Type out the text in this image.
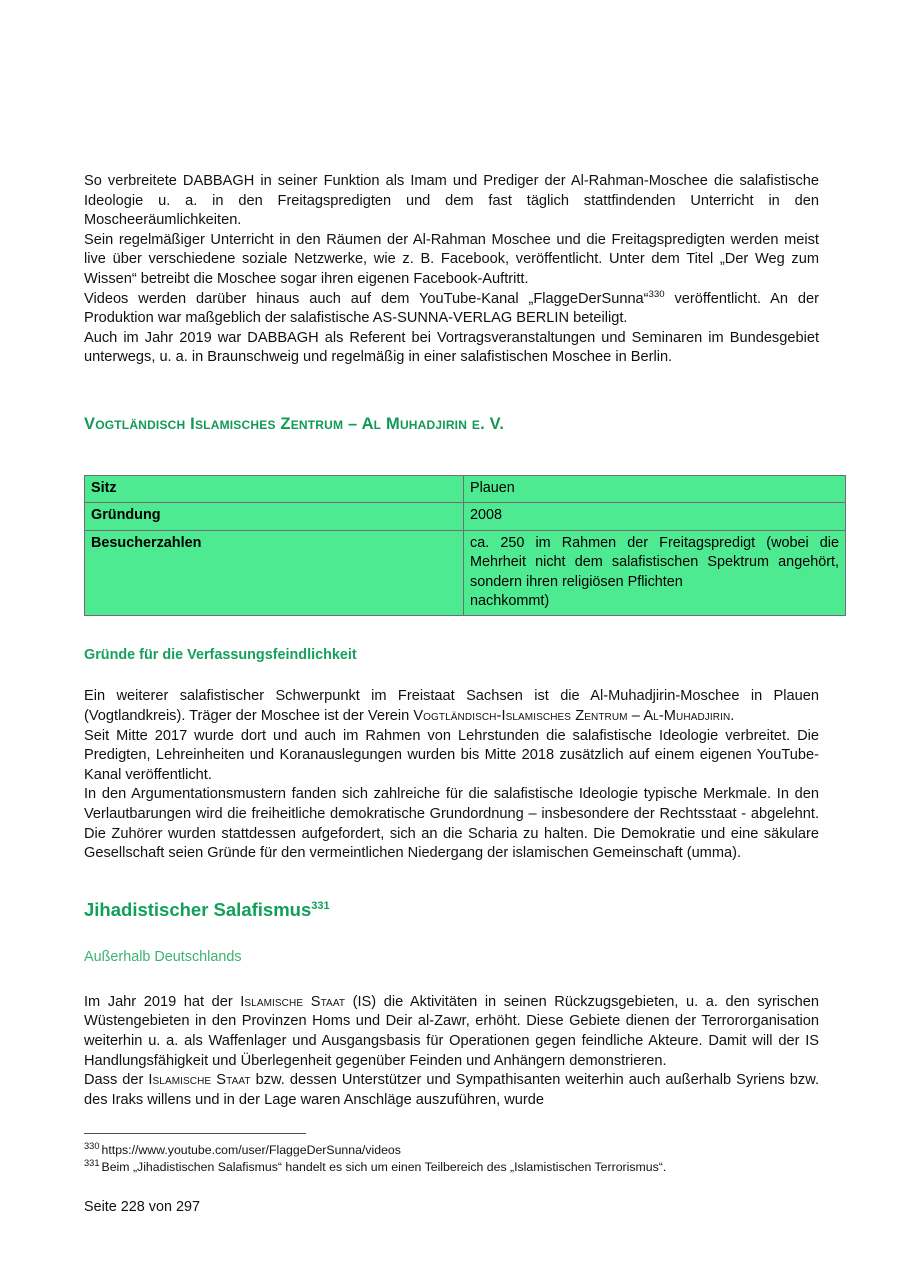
So verbreitete DABBAGH in seiner Funktion als Imam und Prediger der Al-Rahman-Moschee die salafistische Ideologie u. a. in den Freitagspredigten und dem fast täglich stattfindenden Unterricht in den Moscheeräumlichkeiten.

Sein regelmäßiger Unterricht in den Räumen der Al-Rahman Moschee und die Freitagspredigten werden meist live über verschiedene soziale Netzwerke, wie z. B. Facebook, veröffentlicht. Unter dem Titel „Der Weg zum Wissen“ betreibt die Moschee sogar ihren eigenen Facebook-Auftritt.

Videos werden darüber hinaus auch auf dem YouTube-Kanal „FlaggeDerSunna“$^{330}$ veröffentlicht. An der Produktion war maßgeblich der salafistische AS-SUNNA-VERLAG BERLIN beteiligt.

Auch im Jahr 2019 war DABBAGH als Referent bei Vortragsveranstaltungen und Seminaren im Bundesgebiet unterwegs, u. a. in Braunschweig und regelmäßig in einer salafistischen Moschee in Berlin.

Vogtländisch Islamisches Zentrum – Al Muhadjirin e. V.
Sitz	Plauen
Gründung	2008
Besucherzahlen	ca. 250 im Rahmen der Freitagspredigt (wobei die Mehrheit nicht dem salafistischen Spektrum angehört, sondern ihren religiösen Pflichten
nachkommt)
Gründe für die Verfassungsfeindlichkeit

Ein weiterer salafistischer Schwerpunkt im Freistaat Sachsen ist die Al-Muhadjirin-Moschee in Plauen (Vogtlandkreis). Träger der Moschee ist der Verein Vogtländisch-Islamisches Zentrum – Al-Muhadjirin.

Seit Mitte 2017 wurde dort und auch im Rahmen von Lehrstunden die salafistische Ideologie verbreitet. Die Predigten, Lehreinheiten und Koranauslegungen wurden bis Mitte 2018 zusätzlich auf einem eigenen YouTube-Kanal veröffentlicht.

In den Argumentationsmustern fanden sich zahlreiche für die salafistische Ideologie typische Merkmale. In den Verlautbarungen wird die freiheitliche demokratische Grundordnung – insbesondere der Rechtsstaat - abgelehnt. Die Zuhörer wurden stattdessen aufgefordert, sich an die Scharia zu halten. Die Demokratie und eine säkulare Gesellschaft seien Gründe für den vermeintlichen Niedergang der islamischen Gemeinschaft (umma).

Jihadistischer Salafismus$^{331}$
Außerhalb Deutschlands

Im Jahr 2019 hat der Islamische Staat (IS) die Aktivitäten in seinen Rückzugsgebieten, u. a. den syrischen Wüstengebieten in den Provinzen Homs und Deir al-Zawr, erhöht. Diese Gebiete dienen der Terrororganisation weiterhin u. a. als Waffenlager und Ausgangsbasis für Operationen gegen feindliche Akteure. Damit will der IS Handlungsfähigkeit und Überlegenheit gegenüber Feinden und Anhängern demonstrieren.

Dass der Islamische Staat bzw. dessen Unterstützer und Sympathisanten weiterhin auch außerhalb Syriens bzw. des Iraks willens und in der Lage waren Anschläge auszuführen, wurde

$^{330}$ https://www.youtube.com/user/FlaggeDerSunna/videos

$^{331}$ Beim „Jihadistischen Salafismus“ handelt es sich um einen Teilbereich des „Islamistischen Terrorismus“.

Seite 228 von 297
